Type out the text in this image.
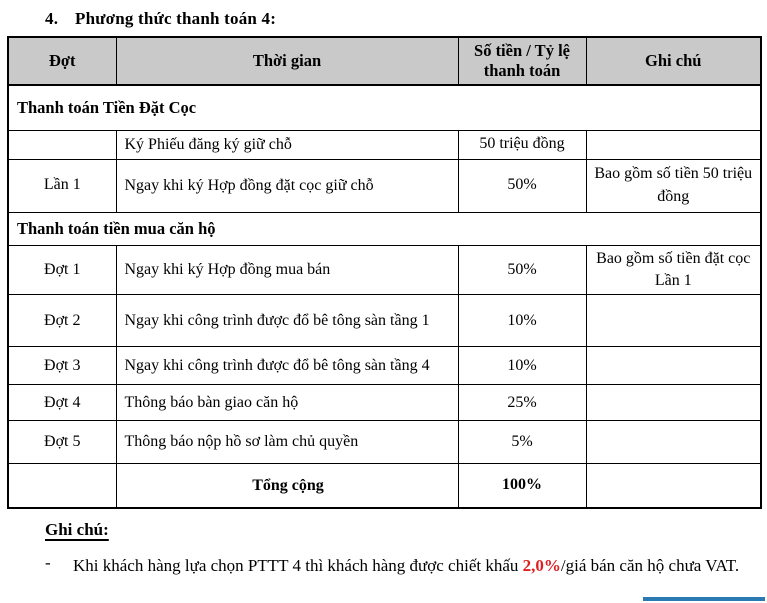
4. Phương thức thanh toán 4:
Đợt	Thời gian	Số tiền / Tỷ lệ thanh toán	Ghi chú
Thanh toán Tiền Đặt Cọc			
	Ký Phiếu đăng ký giữ chỗ	50 triệu đồng	
Lần 1	Ngay khi ký Hợp đồng đặt cọc giữ chỗ	50%	Bao gồm số tiền 50 triệu đồng
Thanh toán tiền mua căn hộ			
Đợt 1	Ngay khi ký Hợp đồng mua bán	50%	Bao gồm số tiền đặt cọc Lần 1
Đợt 2	Ngay khi công trình được đổ bê tông sàn tầng 1	10%	
Đợt 3	Ngay khi công trình được đổ bê tông sàn tầng 4	10%	
Đợt 4	Thông báo bàn giao căn hộ	25%	
Đợt 5	Thông báo nộp hồ sơ làm chủ quyền	5%	
	Tổng cộng	100%	
Ghi chú:
-	Khi khách hàng lựa chọn PTTT 4 thì khách hàng được chiết khấu 2,0%/giá bán căn hộ chưa VAT.
